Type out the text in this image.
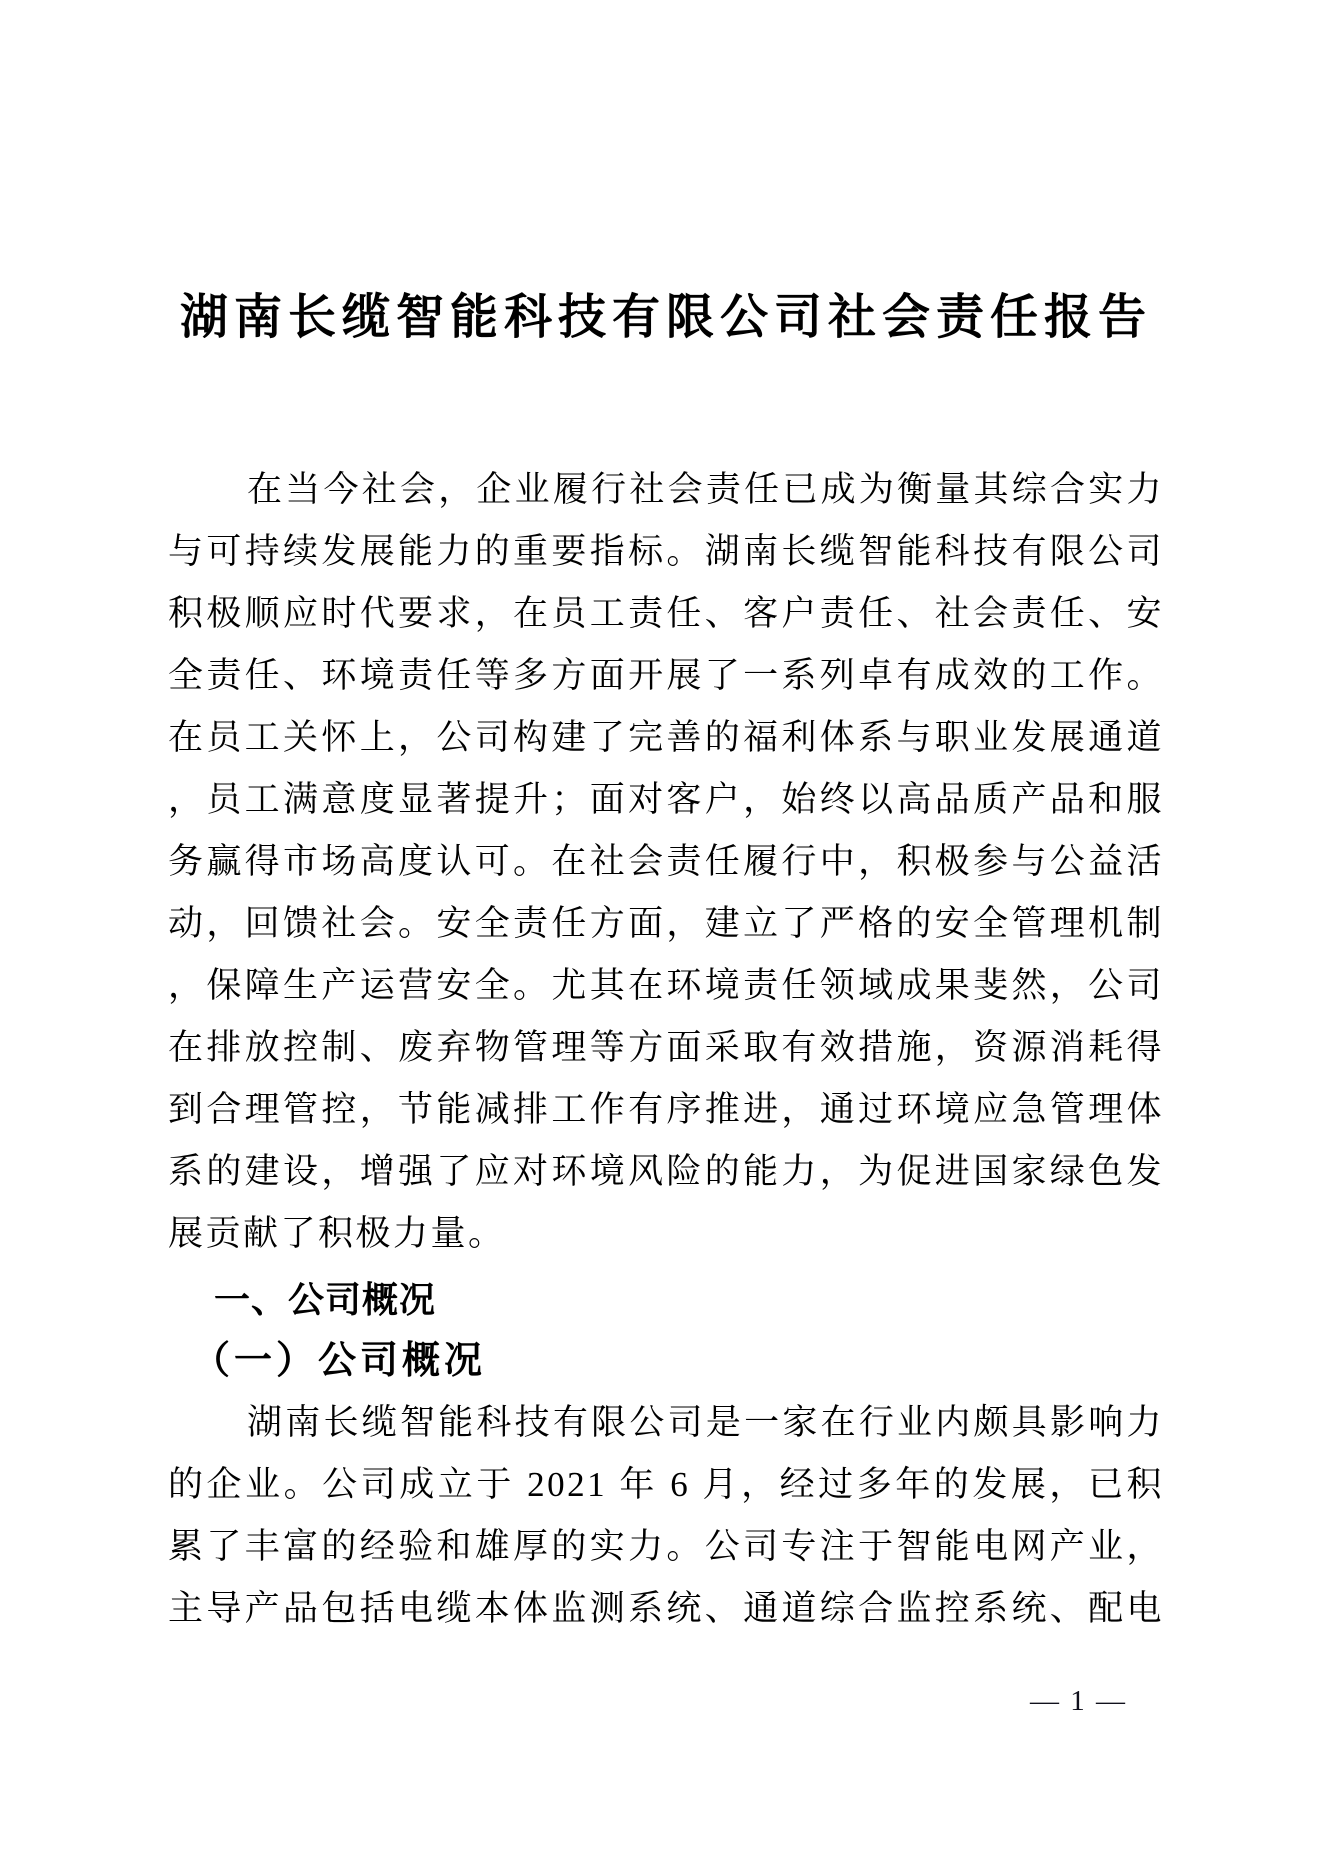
湖南长缆智能科技有限公司社会责任报告
在当今社会，企业履行社会责任已成为衡量其综合实力
与可持续发展能力的重要指标。湖南长缆智能科技有限公司
积极顺应时代要求，在员工责任、客户责任、社会责任、安
全责任、环境责任等多方面开展了一系列卓有成效的工作。
在员工关怀上，公司构建了完善的福利体系与职业发展通道
，员工满意度显著提升；面对客户，始终以高品质产品和服
务赢得市场高度认可。在社会责任履行中，积极参与公益活
动，回馈社会。安全责任方面，建立了严格的安全管理机制
，保障生产运营安全。尤其在环境责任领域成果斐然，公司
在排放控制、废弃物管理等方面采取有效措施，资源消耗得
到合理管控，节能减排工作有序推进，通过环境应急管理体
系的建设，增强了应对环境风险的能力，为促进国家绿色发
展贡献了积极力量。
一、公司概况
（一）公司概况
湖南长缆智能科技有限公司是一家在行业内颇具影响力
的企业。公司成立于 2021 年 6 月，经过多年的发展，已积
累了丰富的经验和雄厚的实力。公司专注于智能电网产业，
主导产品包括电缆本体监测系统、通道综合监控系统、配电
— 1 —
